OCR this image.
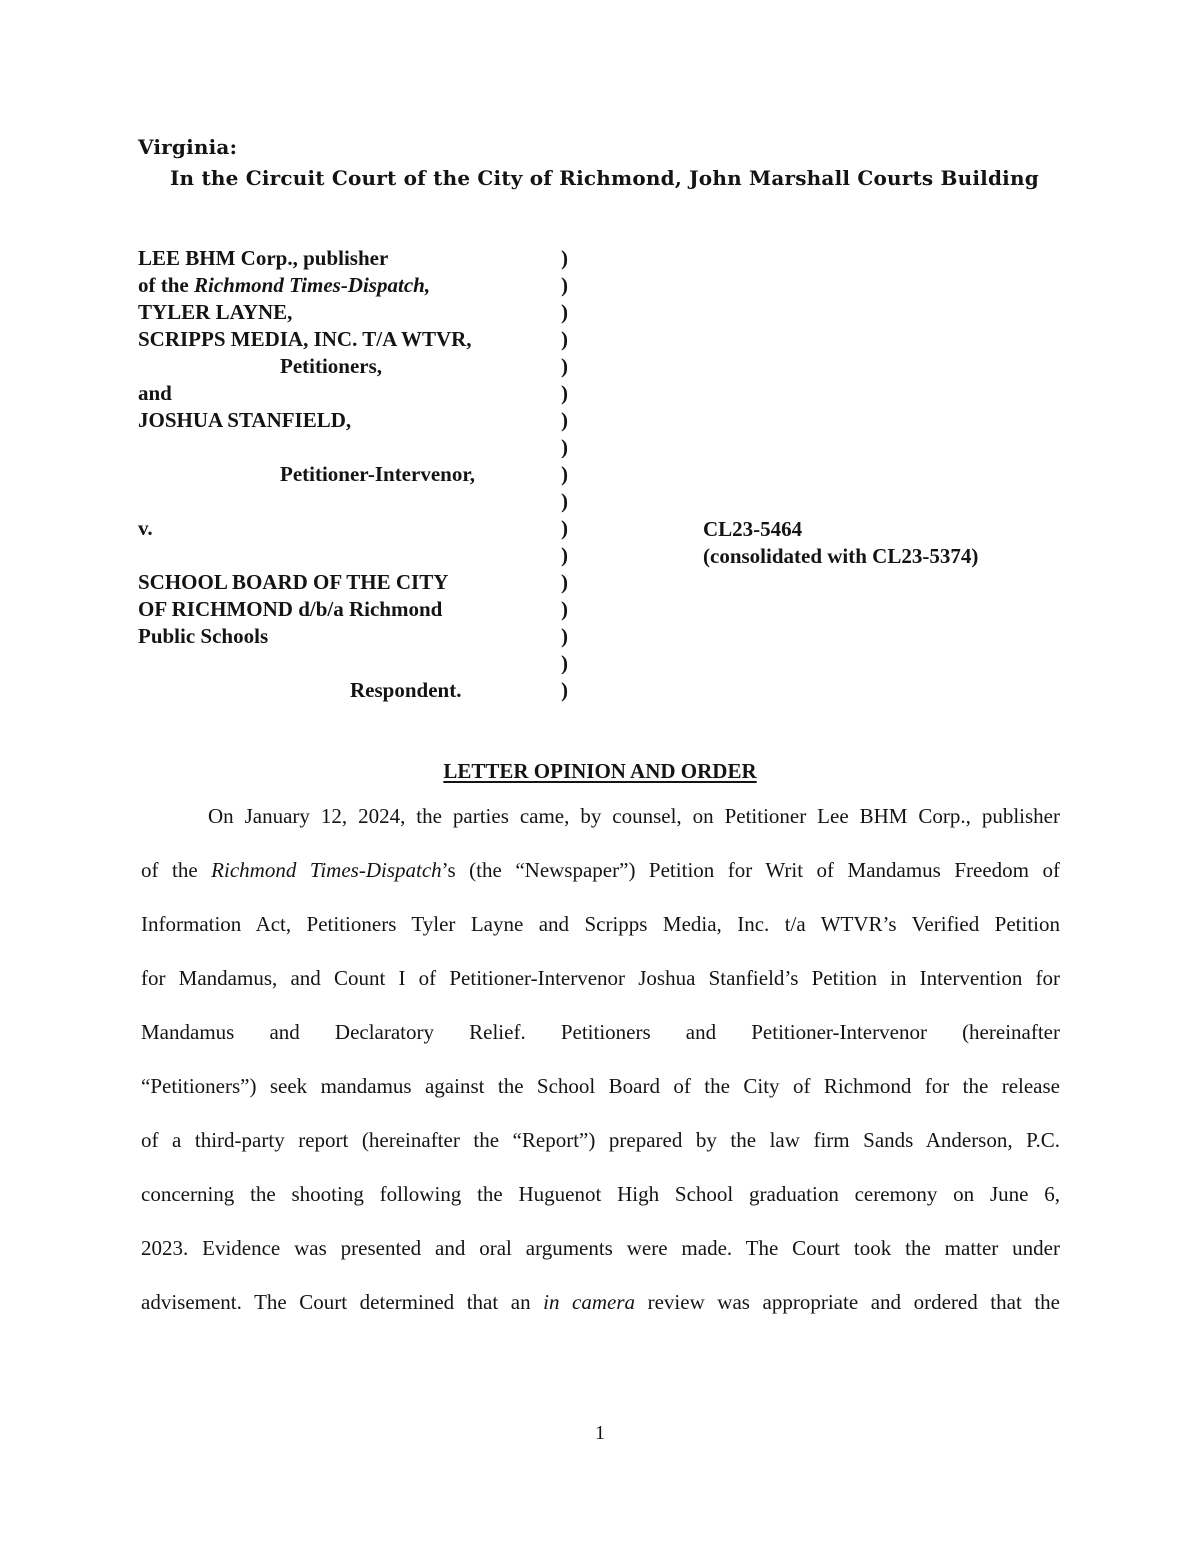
Virginia:
In the Circuit Court of the City of Richmond, John Marshall Courts Building
LEE BHM Corp., publisher
of the Richmond Times-Dispatch,
TYLER LAYNE,
SCRIPPS MEDIA, INC. T/A WTVR,
Petitioners,
and
JOSHUA STANFIELD,
Petitioner-Intervenor,
v.
SCHOOL BOARD OF THE CITY
OF RICHMOND d/b/a Richmond
Public Schools
Respondent.
)
)
)
)
)
)
)
)
)
)
)
)
)
)
)
)
)
CL23-5464
(consolidated with CL23-5374)
LETTER OPINION AND ORDER
On January 12, 2024, the parties came, by counsel, on Petitioner Lee BHM Corp., publisher
of the Richmond Times-Dispatch’s (the “Newspaper”) Petition for Writ of Mandamus Freedom of
Information Act, Petitioners Tyler Layne and Scripps Media, Inc. t/a WTVR’s Verified Petition
for Mandamus, and Count I of Petitioner-Intervenor Joshua Stanfield’s Petition in Intervention for
Mandamus and Declaratory Relief. Petitioners and Petitioner-Intervenor (hereinafter
“Petitioners”) seek mandamus against the School Board of the City of Richmond for the release
of a third-party report (hereinafter the “Report”) prepared by the law firm Sands Anderson, P.C.
concerning the shooting following the Huguenot High School graduation ceremony on June 6,
2023. Evidence was presented and oral arguments were made. The Court took the matter under
advisement. The Court determined that an in camera review was appropriate and ordered that the
1
